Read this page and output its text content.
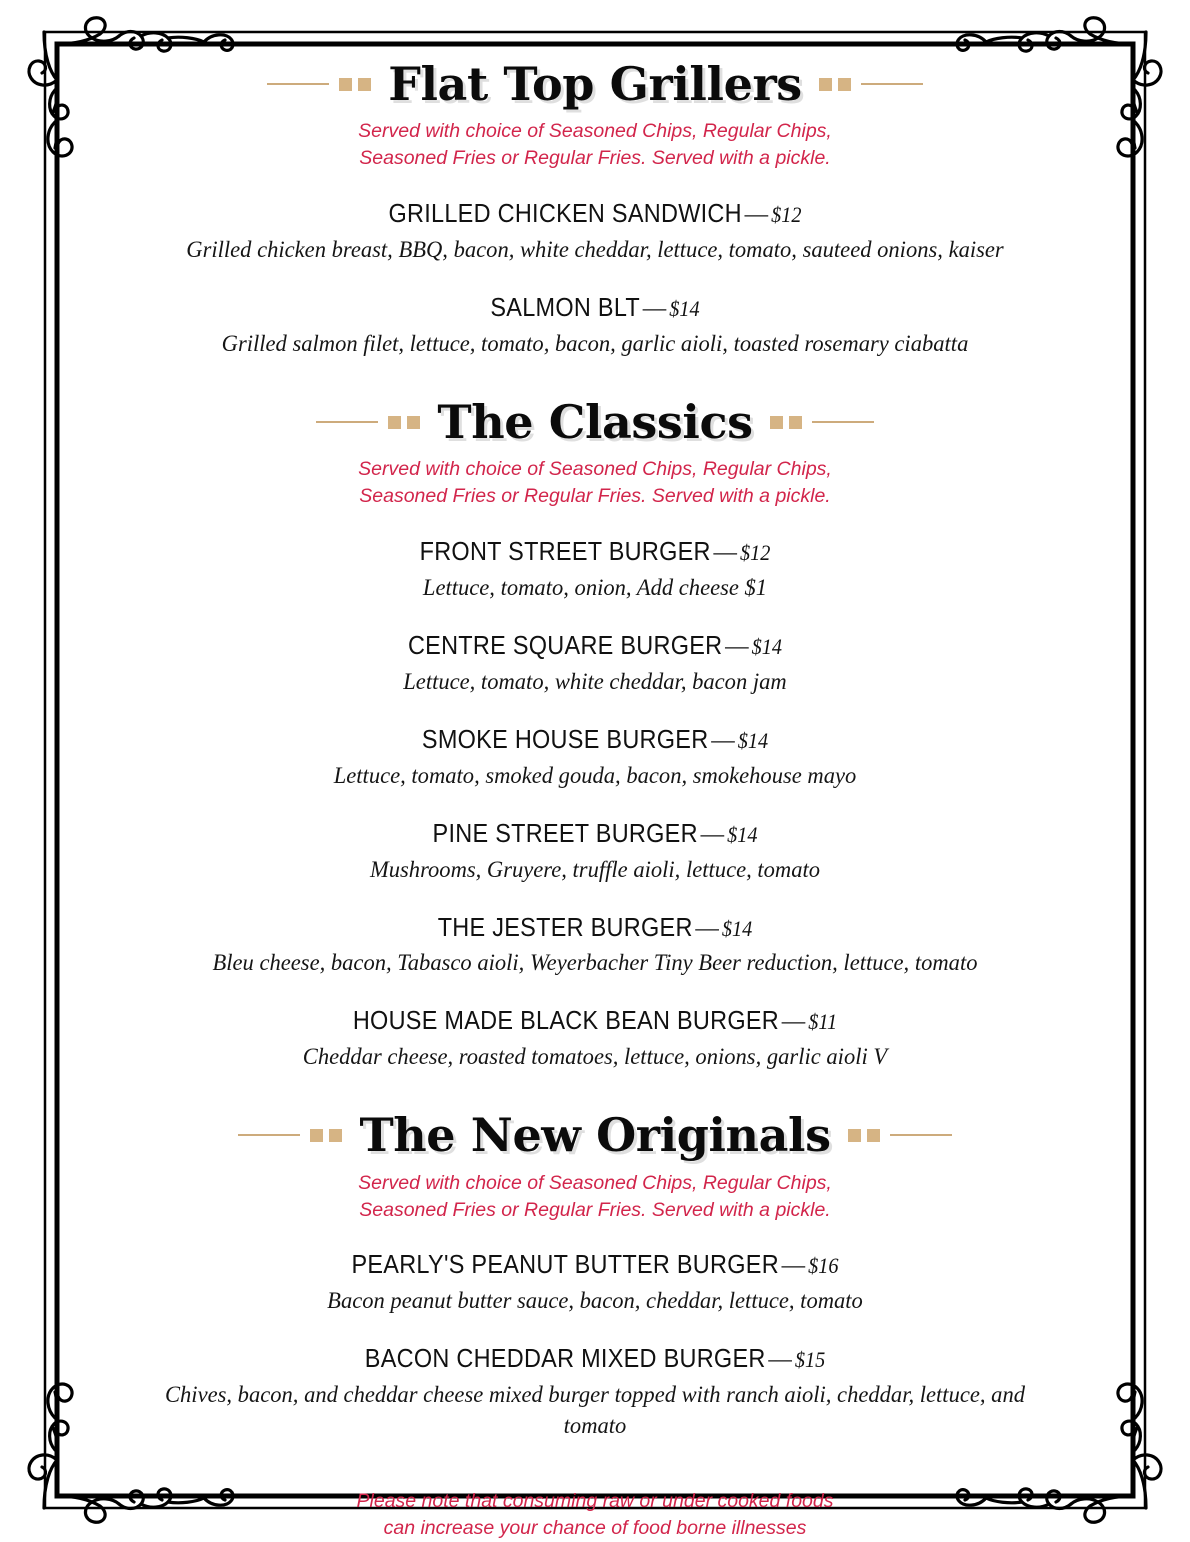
Flat Top Grillers

Served with choice of Seasoned Chips, Regular Chips,
Seasoned Fries or Regular Fries. Served with a pickle.

GRILLED CHICKEN SANDWICH — $12
Grilled chicken breast, BBQ, bacon, white cheddar, lettuce, tomato, sauteed onions, kaiser
SALMON BLT — $14
Grilled salmon filet, lettuce, tomato, bacon, garlic aioli, toasted rosemary ciabatta
The Classics

Served with choice of Seasoned Chips, Regular Chips,
Seasoned Fries or Regular Fries. Served with a pickle.

FRONT STREET BURGER — $12
Lettuce, tomato, onion, Add cheese $1
CENTRE SQUARE BURGER — $14
Lettuce, tomato, white cheddar, bacon jam
SMOKE HOUSE BURGER — $14
Lettuce, tomato, smoked gouda, bacon, smokehouse mayo
PINE STREET BURGER — $14
Mushrooms, Gruyere, truffle aioli, lettuce, tomato
THE JESTER BURGER — $14
Bleu cheese, bacon, Tabasco aioli, Weyerbacher Tiny Beer reduction, lettuce, tomato
HOUSE MADE BLACK BEAN BURGER — $11
Cheddar cheese, roasted tomatoes, lettuce, onions, garlic aioli V
The New Originals

Served with choice of Seasoned Chips, Regular Chips,
Seasoned Fries or Regular Fries. Served with a pickle.

PEARLY'S PEANUT BUTTER BURGER — $16
Bacon peanut butter sauce, bacon, cheddar, lettuce, tomato
BACON CHEDDAR MIXED BURGER — $15
Chives, bacon, and cheddar cheese mixed burger topped with ranch aioli, cheddar, lettuce, and tomato

Please note that consuming raw or under cooked foods
can increase your chance of food borne illnesses
